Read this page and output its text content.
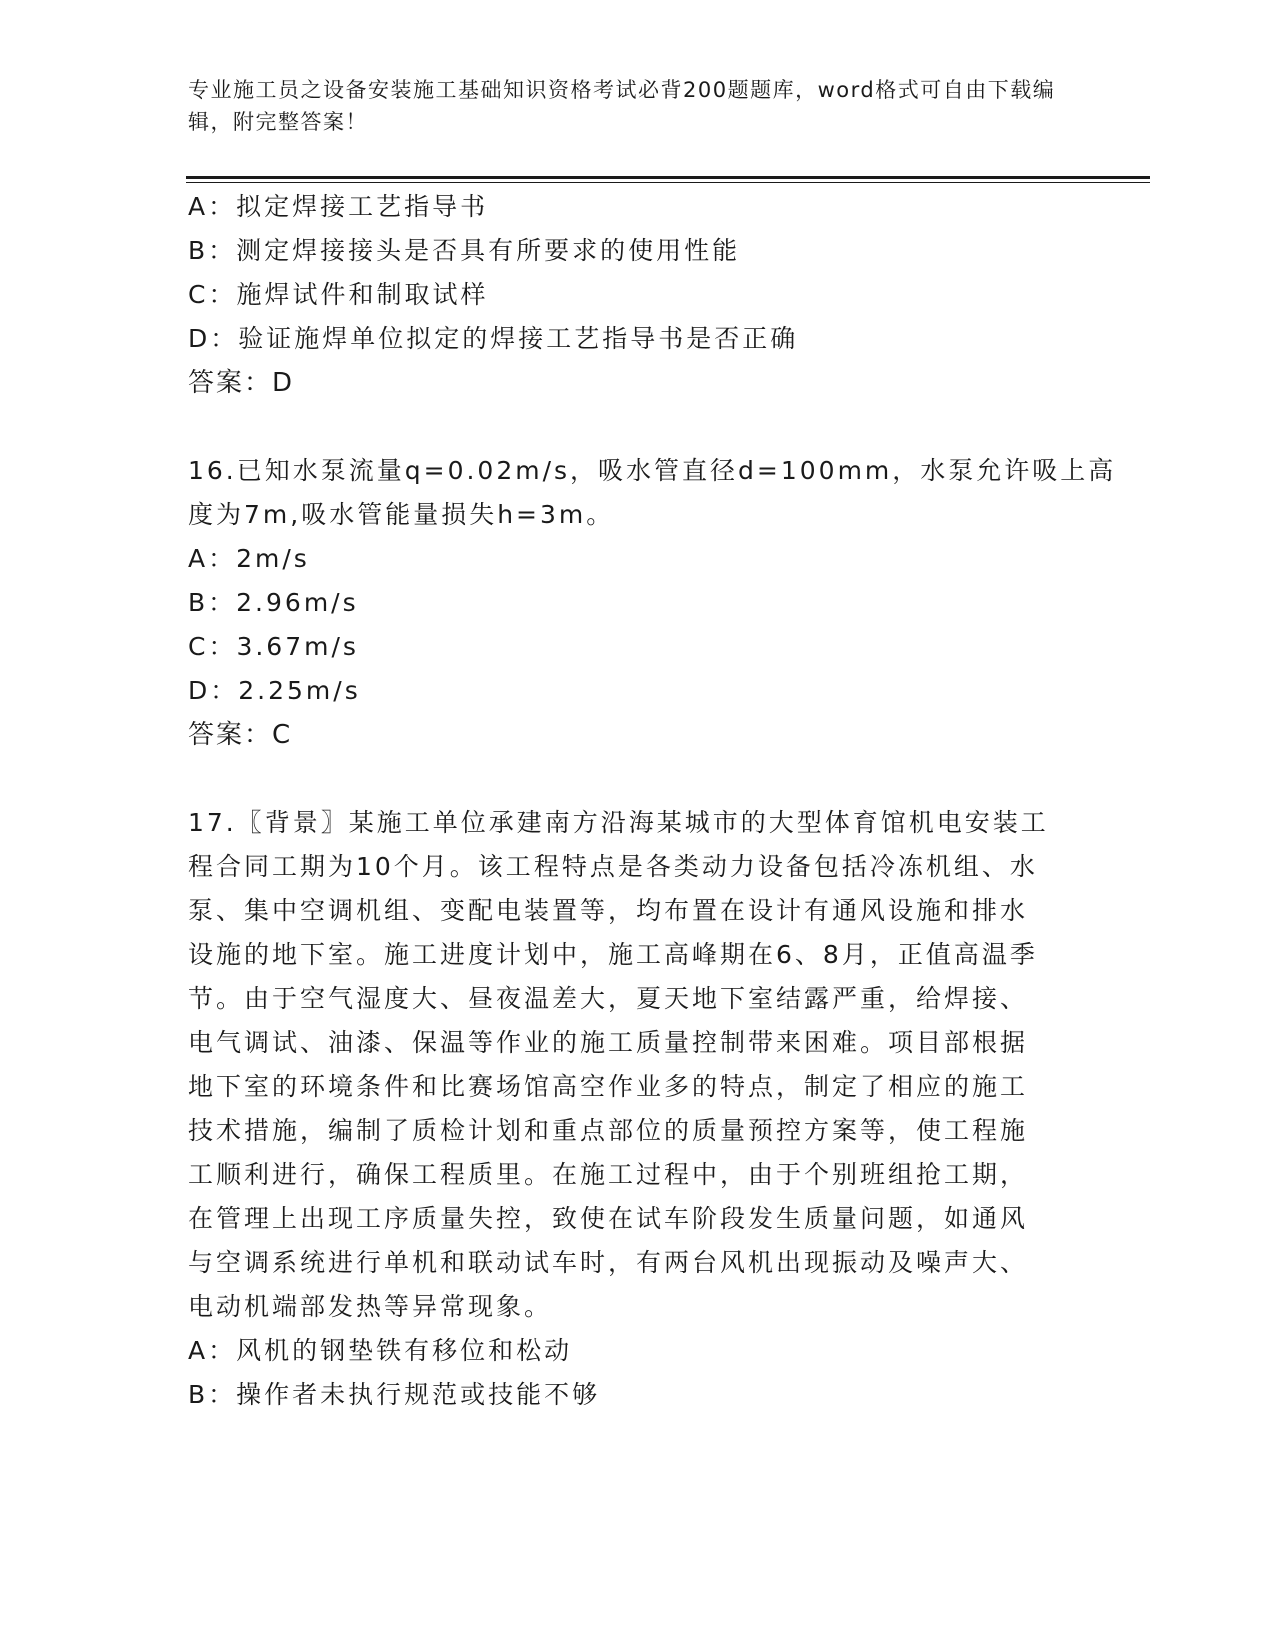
专业施工员之设备安装施工基础知识资格考试必背200题题库，word格式可自由下载编辑，附完整答案！
A：拟定焊接工艺指导书
B：测定焊接接头是否具有所要求的使用性能
C：施焊试件和制取试样
D：验证施焊单位拟定的焊接工艺指导书是否正确
答案：D
16.已知水泵流量q=0.02m/s，吸水管直径d=100mm，水泵允许吸上高
度为7m,吸水管能量损失h=3m。
A：2m/s
B：2.96m/s
C：3.67m/s
D：2.25m/s
答案：C
17.〖背景〗某施工单位承建南方沿海某城市的大型体育馆机电安装工
程合同工期为10个月。该工程特点是各类动力设备包括冷冻机组、水
泵、集中空调机组、变配电装置等，均布置在设计有通风设施和排水
设施的地下室。施工进度计划中，施工高峰期在6、8月，正值高温季
节。由于空气湿度大、昼夜温差大，夏天地下室结露严重，给焊接、
电气调试、油漆、保温等作业的施工质量控制带来困难。项目部根据
地下室的环境条件和比赛场馆高空作业多的特点，制定了相应的施工
技术措施，编制了质检计划和重点部位的质量预控方案等，使工程施
工顺利进行，确保工程质里。在施工过程中，由于个别班组抢工期，
在管理上出现工序质量失控，致使在试车阶段发生质量问题，如通风
与空调系统进行单机和联动试车时，有两台风机出现振动及噪声大、
电动机端部发热等异常现象。
A：风机的钢垫铁有移位和松动
B：操作者未执行规范或技能不够
